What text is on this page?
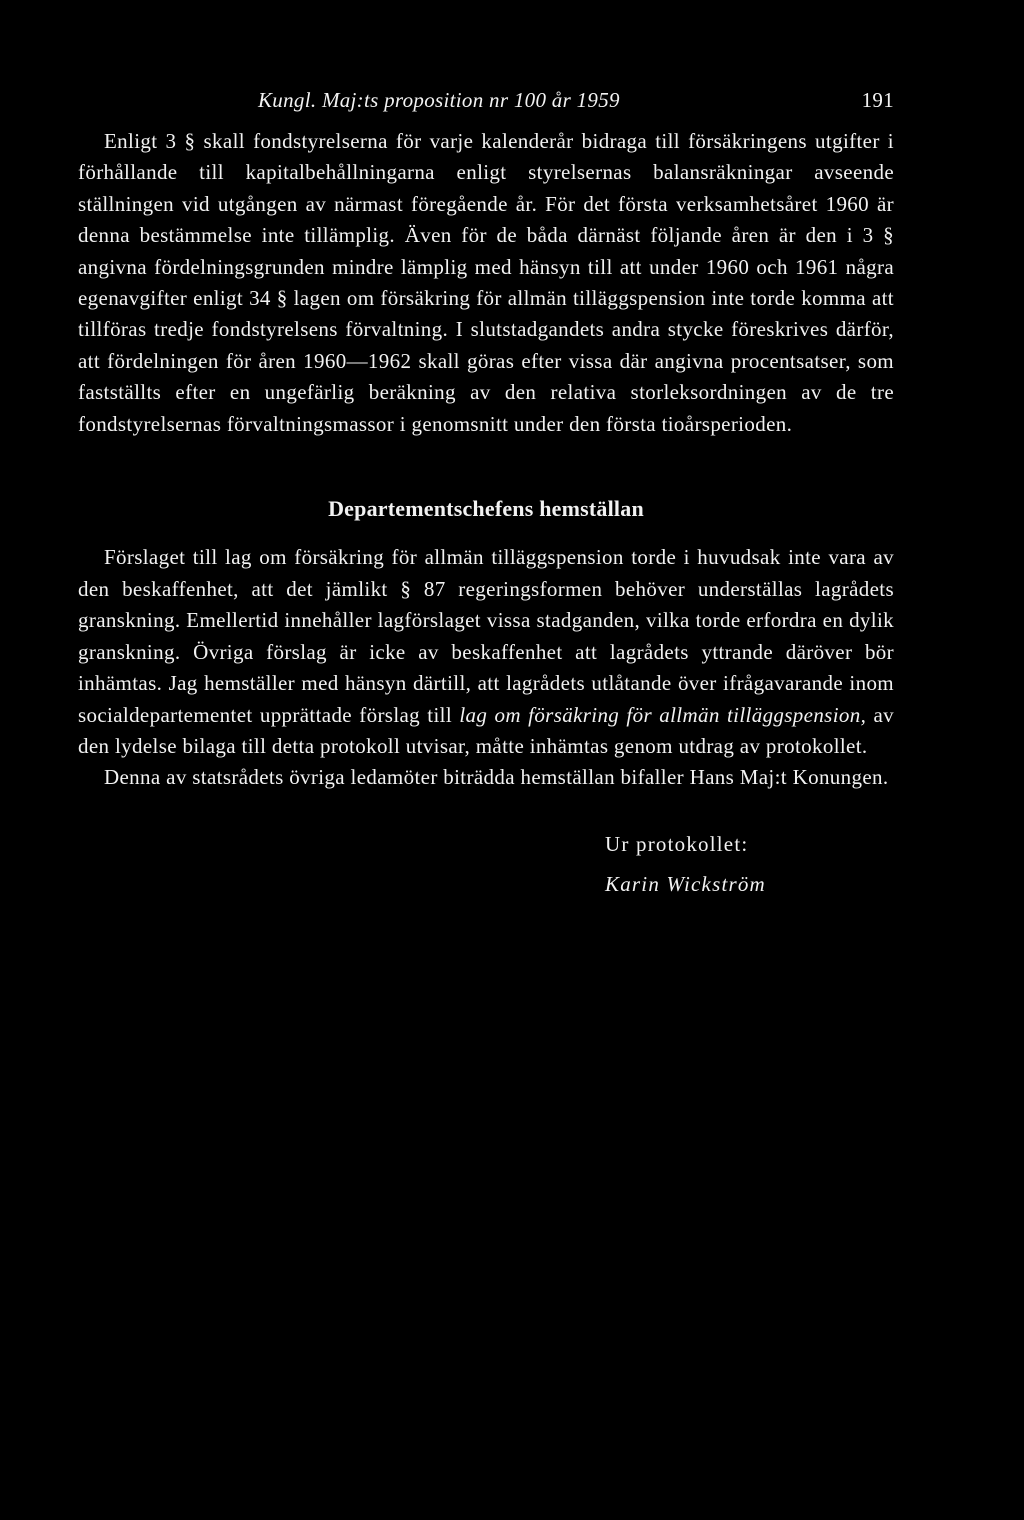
Kungl. Maj:ts proposition nr 100 år 1959	191

Enligt 3 § skall fondstyrelserna för varje kalenderår bidraga till försäkringens utgifter i förhållande till kapitalbehållningarna enligt styrelsernas balansräkningar avseende ställningen vid utgången av närmast föregående år. För det första verksamhetsåret 1960 är denna bestämmelse inte tillämplig. Även för de båda därnäst följande åren är den i 3 § angivna fördelningsgrunden mindre lämplig med hänsyn till att under 1960 och 1961 några egenavgifter enligt 34 § lagen om försäkring för allmän tilläggspension inte torde komma att tillföras tredje fondstyrelsens förvaltning. I slutstadgandets andra stycke föreskrives därför, att fördelningen för åren 1960—1962 skall göras efter vissa där angivna procentsatser, som fastställts efter en ungefärlig beräkning av den relativa storleksordningen av de tre fondstyrelsernas förvaltningsmassor i genomsnitt under den första tioårsperioden.

Departementschefens hemställan

Förslaget till lag om försäkring för allmän tilläggspension torde i huvudsak inte vara av den beskaffenhet, att det jämlikt § 87 regeringsformen behöver underställas lagrådets granskning. Emellertid innehåller lagförslaget vissa stadganden, vilka torde erfordra en dylik granskning. Övriga förslag är icke av beskaffenhet att lagrådets yttrande däröver bör inhämtas. Jag hemställer med hänsyn därtill, att lagrådets utlåtande över ifrågavarande inom socialdepartementet upprättade förslag till lag om försäkring för allmän tilläggspension, av den lydelse bilaga till detta protokoll utvisar, måtte inhämtas genom utdrag av protokollet.

Denna av statsrådets övriga ledamöter biträdda hemställan bifaller Hans Maj:t Konungen.

Ur protokollet:
Karin Wickström
